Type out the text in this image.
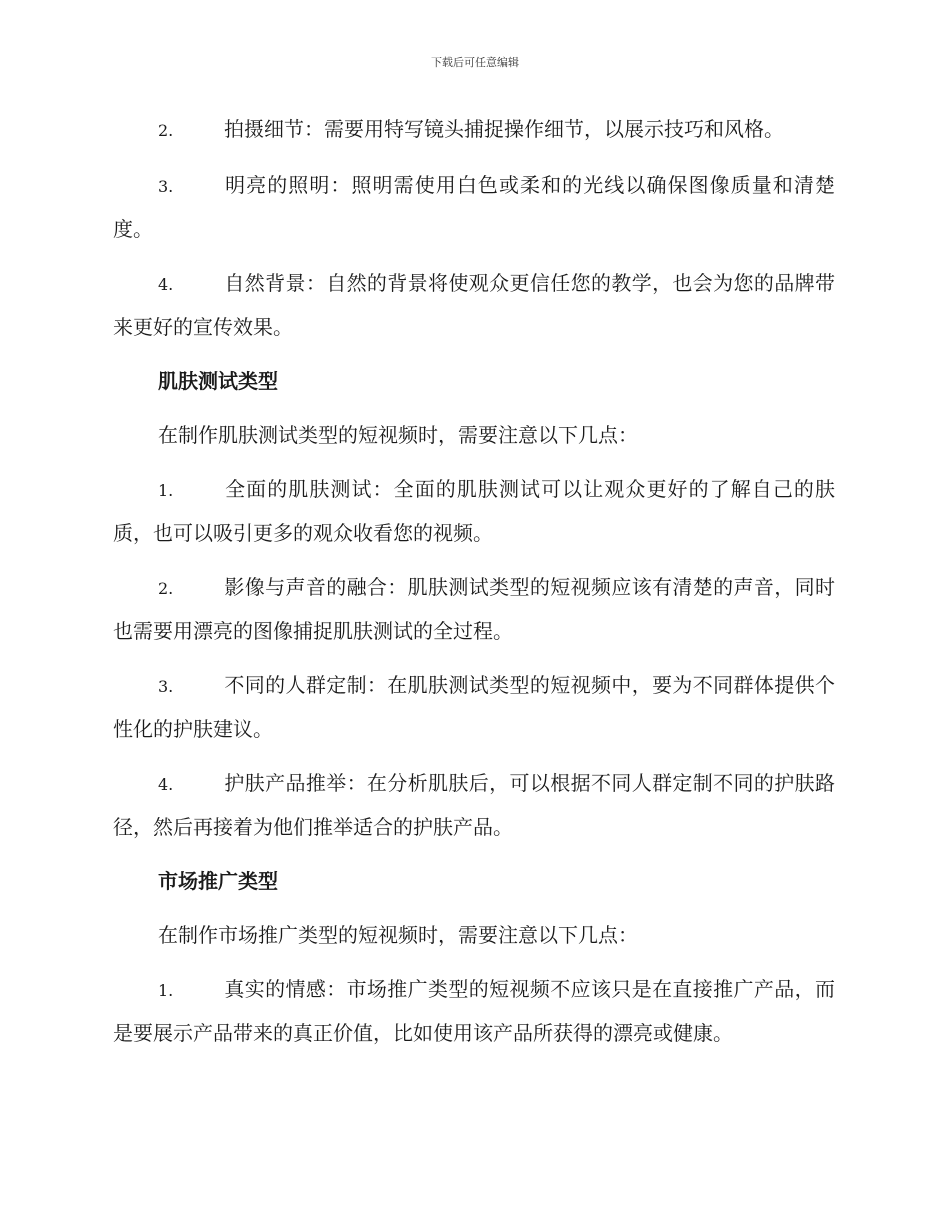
下载后可任意编辑

2.	拍摄细节：需要用特写镜头捕捉操作细节，以展示技巧和风格。

3.	明亮的照明：照明需使用白色或柔和的光线以确保图像质量和清楚度。

4.	自然背景：自然的背景将使观众更信任您的教学，也会为您的品牌带来更好的宣传效果。

肌肤测试类型

在制作肌肤测试类型的短视频时，需要注意以下几点：

1.	全面的肌肤测试：全面的肌肤测试可以让观众更好的了解自己的肤质，也可以吸引更多的观众收看您的视频。

2.	影像与声音的融合：肌肤测试类型的短视频应该有清楚的声音，同时也需要用漂亮的图像捕捉肌肤测试的全过程。

3.	不同的人群定制：在肌肤测试类型的短视频中，要为不同群体提供个性化的护肤建议。

4.	护肤产品推举：在分析肌肤后，可以根据不同人群定制不同的护肤路径，然后再接着为他们推举适合的护肤产品。

市场推广类型

在制作市场推广类型的短视频时，需要注意以下几点：

1.	真实的情感：市场推广类型的短视频不应该只是在直接推广产品，而是要展示产品带来的真正价值，比如使用该产品所获得的漂亮或健康。
